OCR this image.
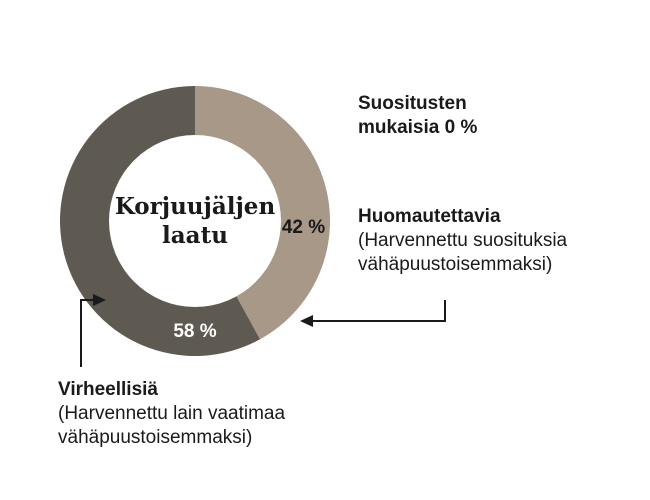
42 %
58 %
Korjuujäljen laatu
Suositusten
mukaisia 0 %
Huomautettavia
(Harvennettu suosituksia
vähäpuustoisemmaksi)
Virheellisiä
(Harvennettu lain vaatimaa
vähäpuustoisemmaksi)
